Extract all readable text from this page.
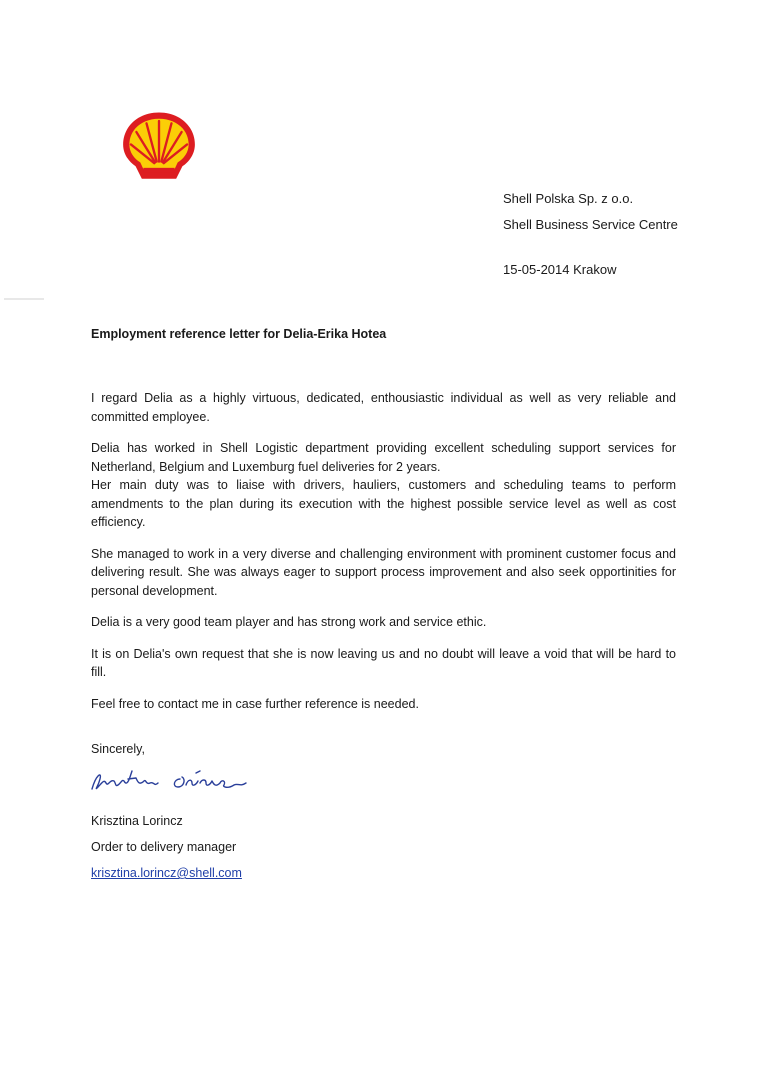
Shell Polska Sp. z o.o.
Shell Business Service Centre
15-05-2014 Krakow
Employment reference letter for Delia-Erika Hotea

I regard Delia as a highly virtuous, dedicated, enthousiastic individual as well as very reliable and committed employee.

Delia has worked in Shell Logistic department providing excellent scheduling support services for Netherland, Belgium and Luxemburg fuel deliveries for 2 years.

Her main duty was to liaise with drivers, hauliers, customers and scheduling teams to perform amendments to the plan during its execution with the highest possible service level as well as cost efficiency.

She managed to work in a very diverse and challenging environment with prominent customer focus and delivering result. She was always eager to support process improvement and also seek opportinities for personal development.

Delia is a very good team player and has strong work and service ethic.

It is on Delia's own request that she is now leaving us and no doubt will leave a void that will be hard to fill.

Feel free to contact me in case further reference is needed.

Sincerely,
Krisztina Lorincz
Order to delivery manager
krisztina.lorincz@shell.com
